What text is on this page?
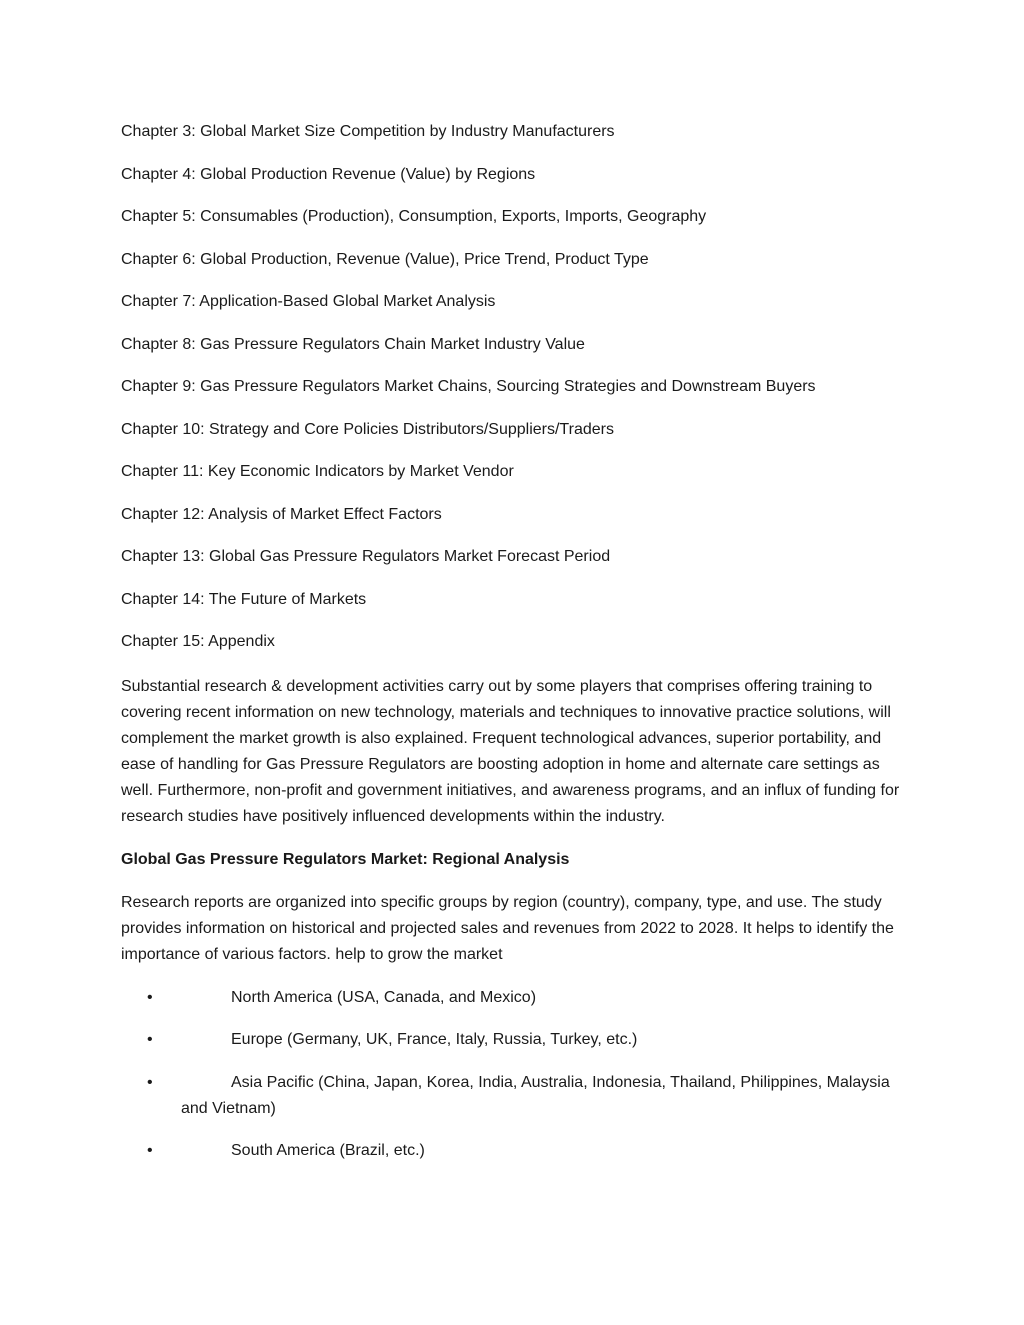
Chapter 3: Global Market Size Competition by Industry Manufacturers

Chapter 4: Global Production Revenue (Value) by Regions

Chapter 5: Consumables (Production), Consumption, Exports, Imports, Geography

Chapter 6: Global Production, Revenue (Value), Price Trend, Product Type

Chapter 7: Application-Based Global Market Analysis

Chapter 8: Gas Pressure Regulators Chain Market Industry Value

Chapter 9: Gas Pressure Regulators Market Chains, Sourcing Strategies and Downstream Buyers

Chapter 10: Strategy and Core Policies Distributors/Suppliers/Traders

Chapter 11: Key Economic Indicators by Market Vendor

Chapter 12: Analysis of Market Effect Factors

Chapter 13: Global Gas Pressure Regulators Market Forecast Period

Chapter 14: The Future of Markets

Chapter 15: Appendix

Substantial research & development activities carry out by some players that comprises offering training to covering recent information on new technology, materials and techniques to innovative practice solutions, will complement the market growth is also explained. Frequent technological advances, superior portability, and ease of handling for Gas Pressure Regulators are boosting adoption in home and alternate care settings as well. Furthermore, non-profit and government initiatives, and awareness programs, and an influx of funding for research studies have positively influenced developments within the industry.

Global Gas Pressure Regulators Market: Regional Analysis

Research reports are organized into specific groups by region (country), company, type, and use. The study provides information on historical and projected sales and revenues from 2022 to 2028. It helps to identify the importance of various factors. help to grow the market

•	North America (USA, Canada, and Mexico)
•	Europe (Germany, UK, France, Italy, Russia, Turkey, etc.)
•	Asia Pacific (China, Japan, Korea, India, Australia, Indonesia, Thailand, Philippines, Malaysia and Vietnam)
•	South America (Brazil, etc.)
